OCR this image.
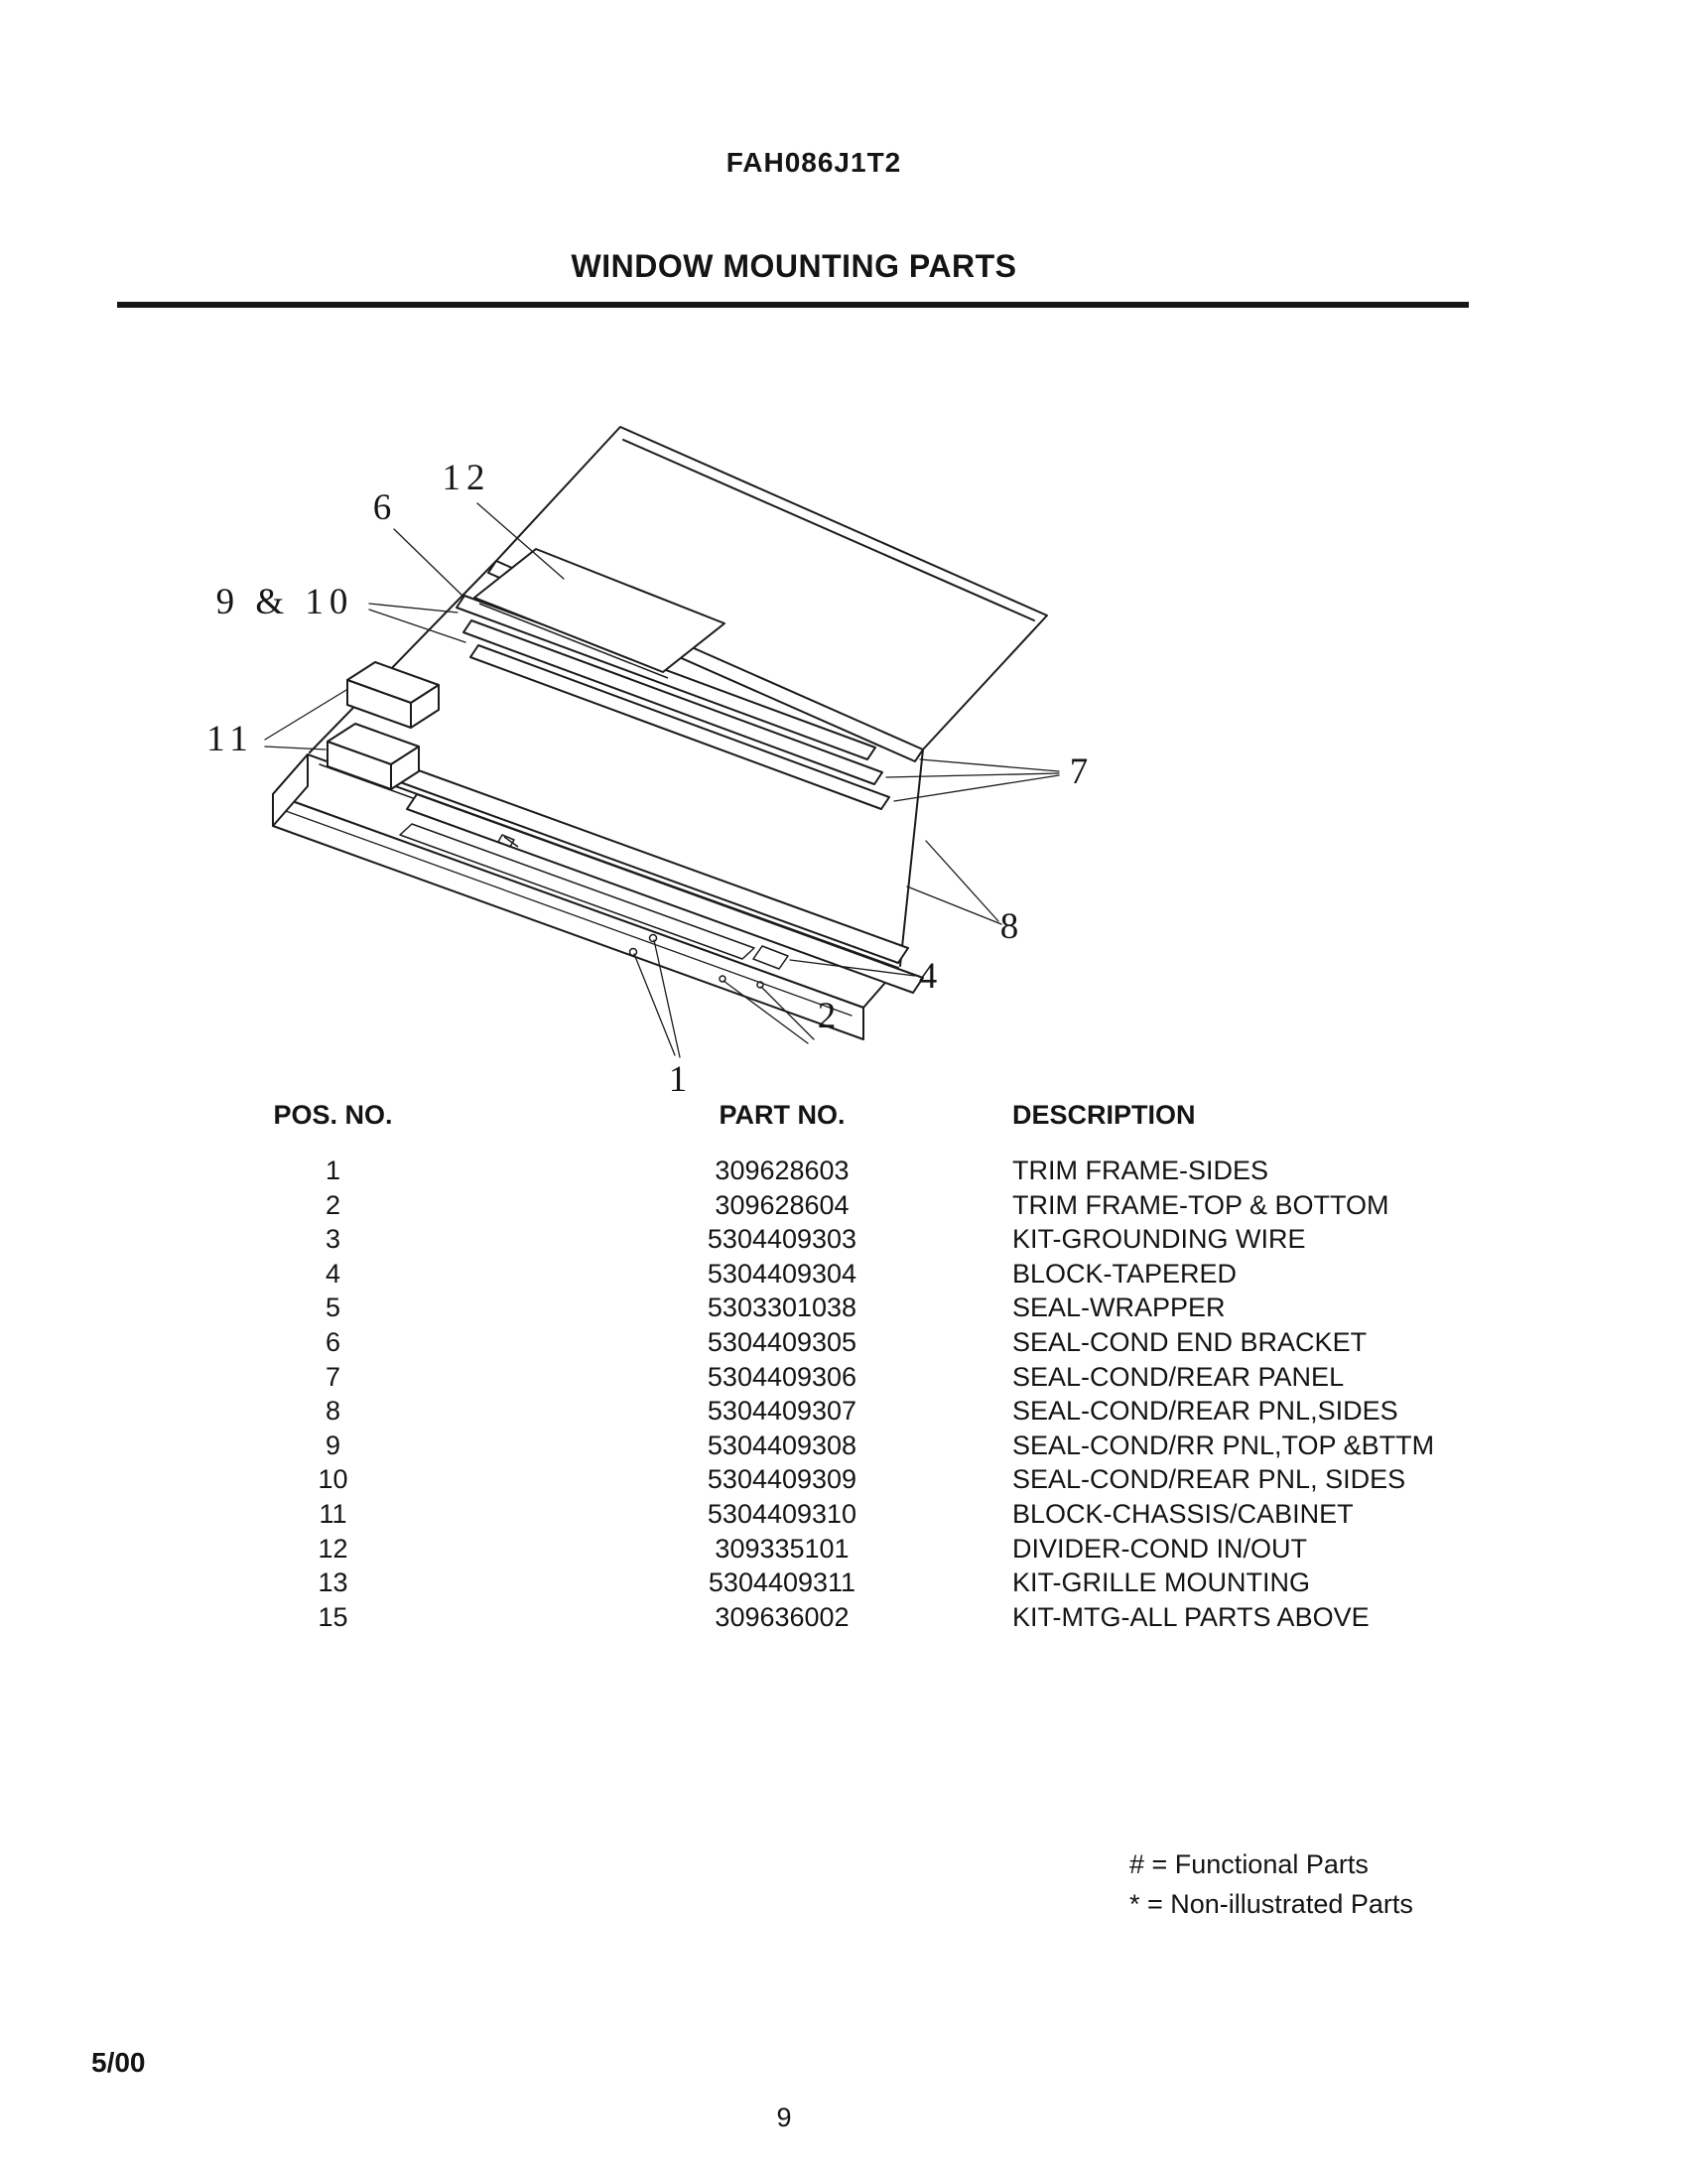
FAH086J1T2
WINDOW MOUNTING PARTS
12
6
9 & 10
11
7
8
4
2
1
POS. NO.	PART NO.	DESCRIPTION
1	309628603	TRIM FRAME-SIDES
2	309628604	TRIM FRAME-TOP & BOTTOM
3	5304409303	KIT-GROUNDING WIRE
4	5304409304	BLOCK-TAPERED
5	5303301038	SEAL-WRAPPER
6	5304409305	SEAL-COND END BRACKET
7	5304409306	SEAL-COND/REAR PANEL
8	5304409307	SEAL-COND/REAR PNL,SIDES
9	5304409308	SEAL-COND/RR PNL,TOP &BTTM
10	5304409309	SEAL-COND/REAR PNL, SIDES
11	5304409310	BLOCK-CHASSIS/CABINET
12	309335101	DIVIDER-COND IN/OUT
13	5304409311	KIT-GRILLE MOUNTING
15	309636002	KIT-MTG-ALL PARTS ABOVE
# = Functional Parts
* = Non-illustrated Parts
5/00
9
